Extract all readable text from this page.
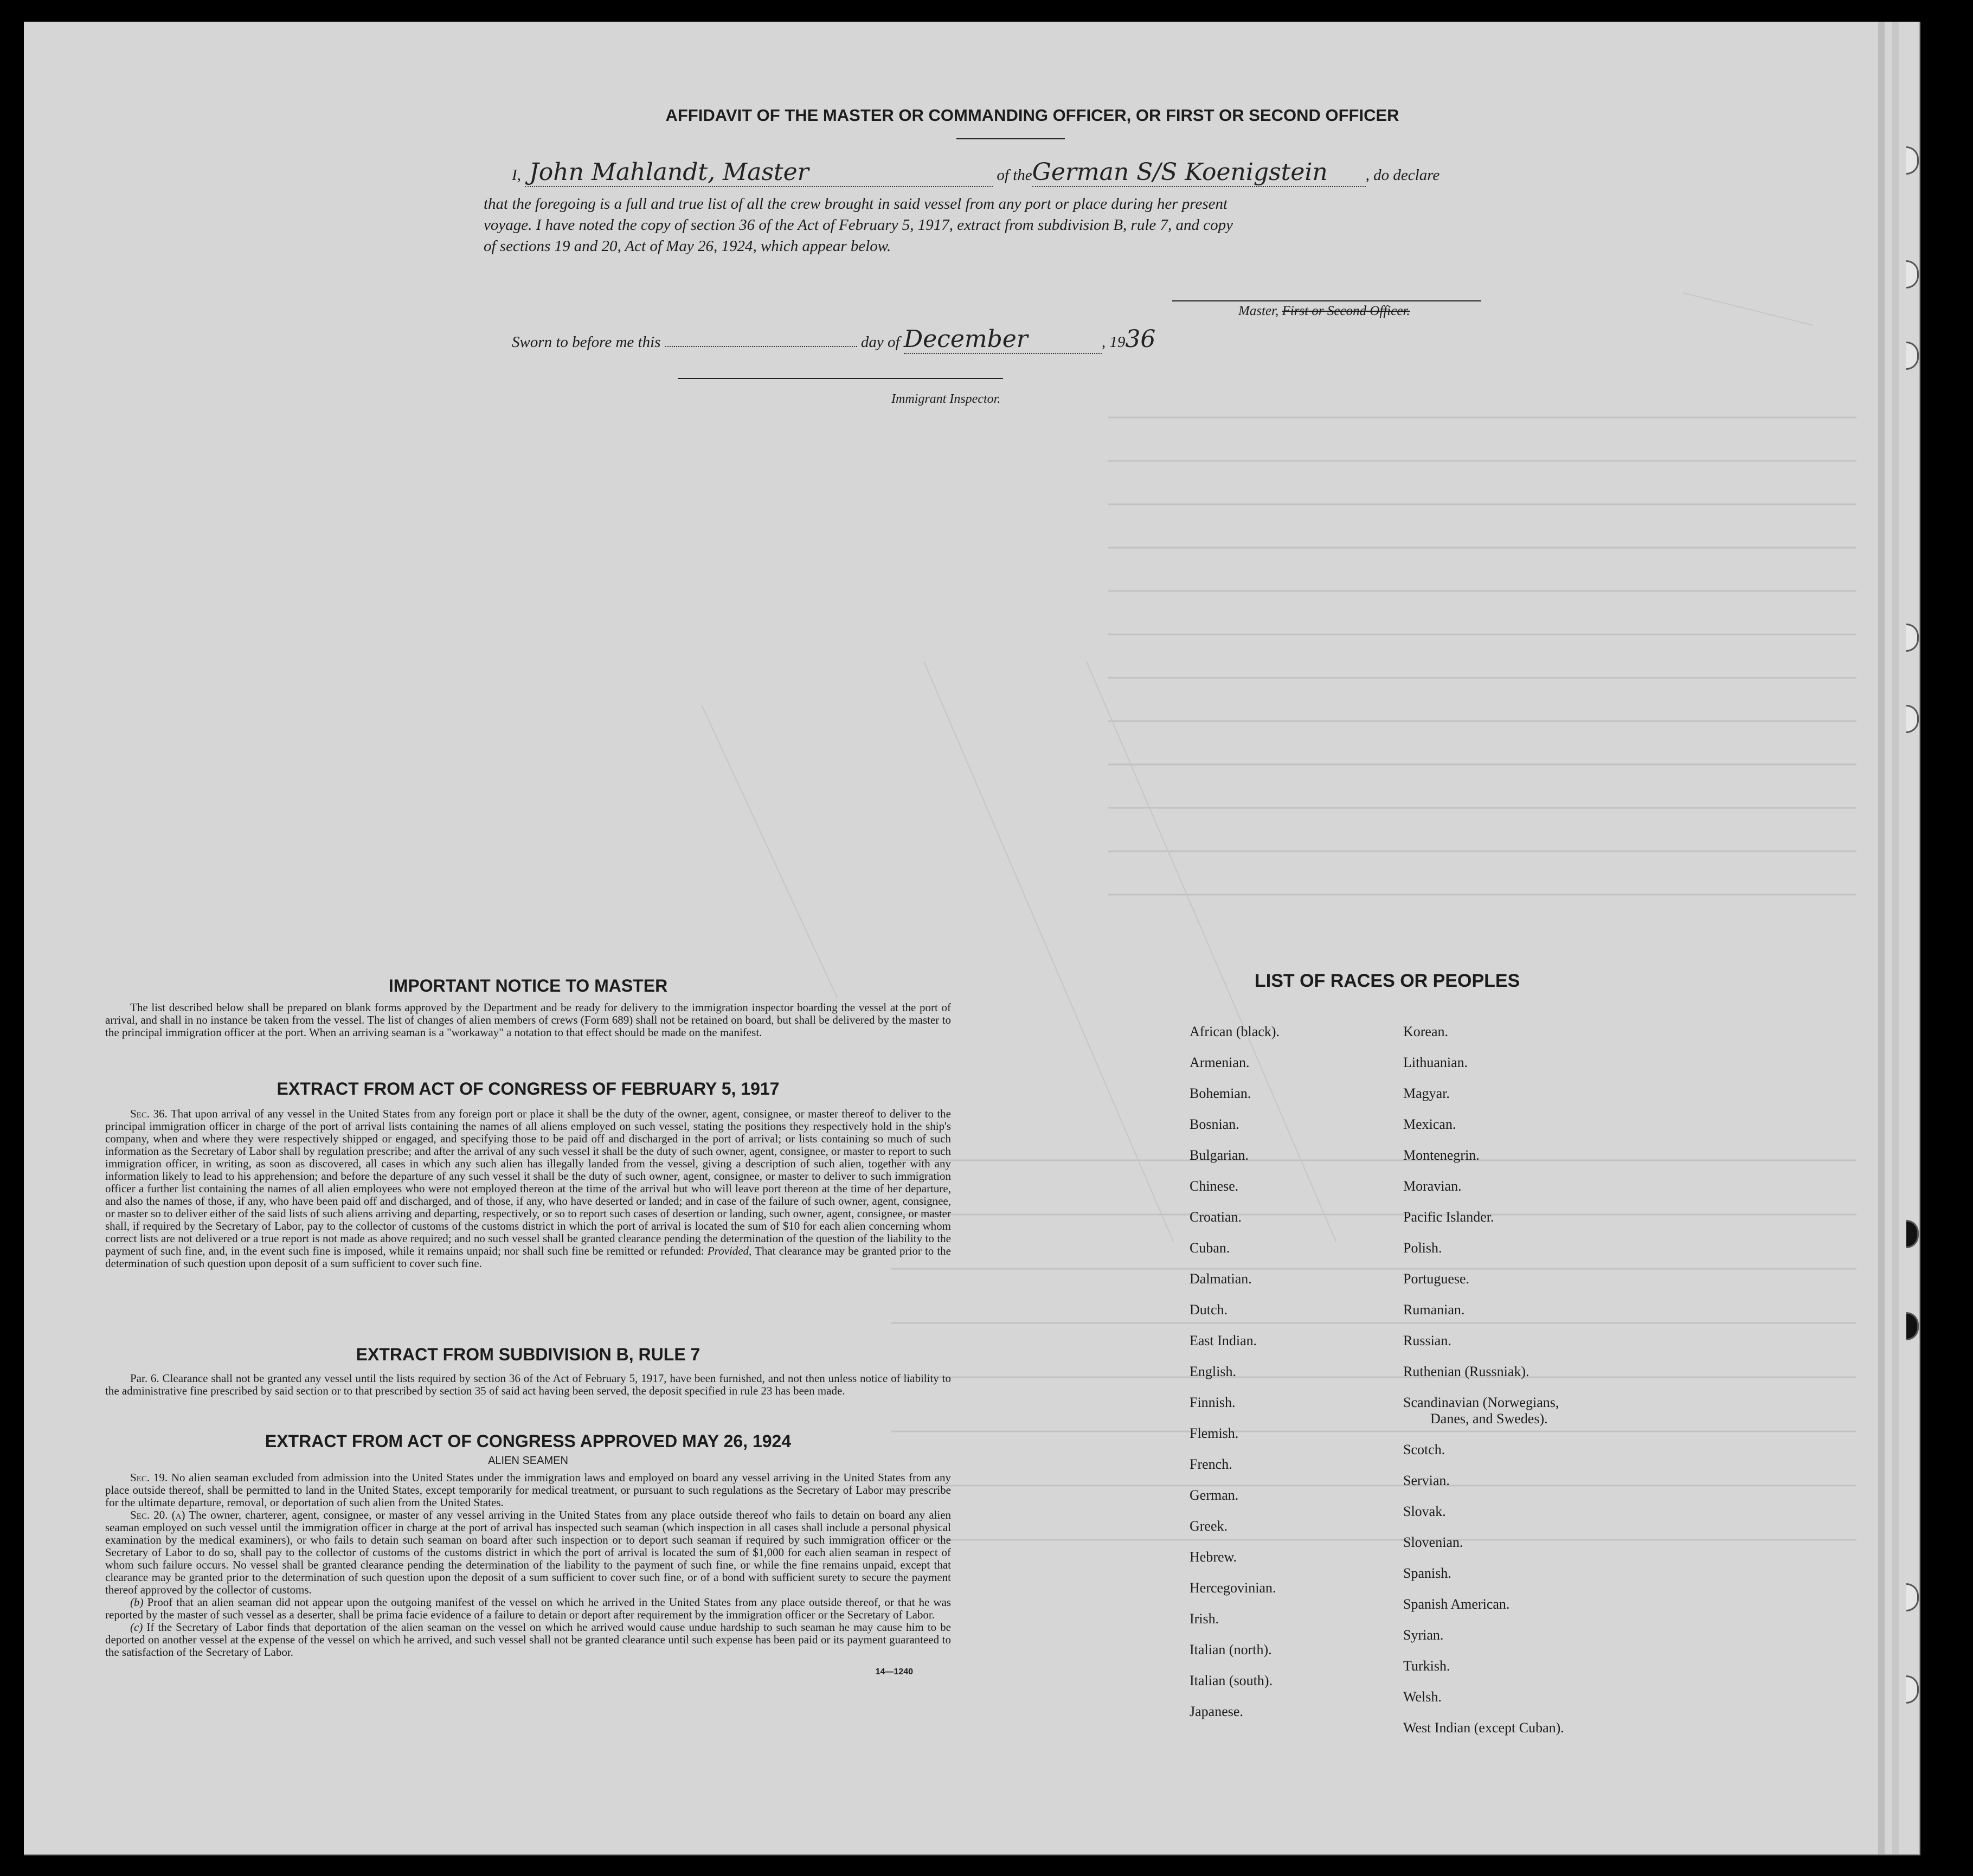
AFFIDAVIT OF THE MASTER OR COMMANDING OFFICER, OR FIRST OR SECOND OFFICER
I, John Mahlandt, Master	of theGerman S/S Koenigstein , do declare
that the foregoing is a full and true list of all the crew brought in said vessel from any port or place during her present
voyage. I have noted the copy of section 36 of the Act of February 5, 1917, extract from subdivision B, rule 7, and copy
of sections 19 and 20, Act of May 26, 1924, which appear below.
Master, First or Second Officer.
Sworn to before me this	day of December	, 1936
Immigrant Inspector.
IMPORTANT NOTICE TO MASTER

The list described below shall be prepared on blank forms approved by the Department and be ready for delivery to the immigration inspector boarding the vessel at the port of arrival, and shall in no instance be taken from the vessel. The list of changes of alien members of crews (Form 689) shall not be retained on board, but shall be delivered by the master to the principal immigration officer at the port. When an arriving seaman is a "workaway" a notation to that effect should be made on the manifest.

EXTRACT FROM ACT OF CONGRESS OF FEBRUARY 5, 1917

Sec. 36. That upon arrival of any vessel in the United States from any foreign port or place it shall be the duty of the owner, agent, consignee, or master thereof to deliver to the principal immigration officer in charge of the port of arrival lists containing the names of all aliens employed on such vessel, stating the positions they respectively hold in the ship's company, when and where they were respectively shipped or engaged, and specifying those to be paid off and discharged in the port of arrival; or lists containing so much of such information as the Secretary of Labor shall by regulation prescribe; and after the arrival of any such vessel it shall be the duty of such owner, agent, consignee, or master to report to such immigration officer, in writing, as soon as discovered, all cases in which any such alien has illegally landed from the vessel, giving a description of such alien, together with any information likely to lead to his apprehension; and before the departure of any such vessel it shall be the duty of such owner, agent, consignee, or master to deliver to such immigration officer a further list containing the names of all alien employees who were not employed thereon at the time of the arrival but who will leave port thereon at the time of her departure, and also the names of those, if any, who have been paid off and discharged, and of those, if any, who have deserted or landed; and in case of the failure of such owner, agent, consignee, or master so to deliver either of the said lists of such aliens arriving and departing, respectively, or so to report such cases of desertion or landing, such owner, agent, consignee, or master shall, if required by the Secretary of Labor, pay to the collector of customs of the customs district in which the port of arrival is located the sum of $10 for each alien concerning whom correct lists are not delivered or a true report is not made as above required; and no such vessel shall be granted clearance pending the determination of the question of the liability to the payment of such fine, and, in the event such fine is imposed, while it remains unpaid; nor shall such fine be remitted or refunded: Provided, That clearance may be granted prior to the determination of such question upon deposit of a sum sufficient to cover such fine.

EXTRACT FROM SUBDIVISION B, RULE 7

Par. 6. Clearance shall not be granted any vessel until the lists required by section 36 of the Act of February 5, 1917, have been furnished, and not then unless notice of liability to the administrative fine prescribed by said section or to that prescribed by section 35 of said act having been served, the deposit specified in rule 23 has been made.

EXTRACT FROM ACT OF CONGRESS APPROVED MAY 26, 1924
ALIEN SEAMEN

Sec. 19. No alien seaman excluded from admission into the United States under the immigration laws and employed on board any vessel arriving in the United States from any place outside thereof, shall be permitted to land in the United States, except temporarily for medical treatment, or pursuant to such regulations as the Secretary of Labor may prescribe for the ultimate departure, removal, or deportation of such alien from the United States.

Sec. 20. (a) The owner, charterer, agent, consignee, or master of any vessel arriving in the United States from any place outside thereof who fails to detain on board any alien seaman employed on such vessel until the immigration officer in charge at the port of arrival has inspected such seaman (which inspection in all cases shall include a personal physical examination by the medical examiners), or who fails to detain such seaman on board after such inspection or to deport such seaman if required by such immigration officer or the Secretary of Labor to do so, shall pay to the collector of customs of the customs district in which the port of arrival is located the sum of $1,000 for each alien seaman in respect of whom such failure occurs. No vessel shall be granted clearance pending the determination of the liability to the payment of such fine, or while the fine remains unpaid, except that clearance may be granted prior to the determination of such question upon the deposit of a sum sufficient to cover such fine, or of a bond with sufficient surety to secure the payment thereof approved by the collector of customs.

(b) Proof that an alien seaman did not appear upon the outgoing manifest of the vessel on which he arrived in the United States from any place outside thereof, or that he was reported by the master of such vessel as a deserter, shall be prima facie evidence of a failure to detain or deport after requirement by the immigration officer or the Secretary of Labor.

(c) If the Secretary of Labor finds that deportation of the alien seaman on the vessel on which he arrived would cause undue hardship to such seaman he may cause him to be deported on another vessel at the expense of the vessel on which he arrived, and such vessel shall not be granted clearance until such expense has been paid or its payment guaranteed to the satisfaction of the Secretary of Labor.

14—1240
LIST OF RACES OR PEOPLES
African (black).
Armenian.
Bohemian.
Bosnian.
Bulgarian.
Chinese.
Croatian.
Cuban.
Dalmatian.
Dutch.
East Indian.
English.
Finnish.
Flemish.
French.
German.
Greek.
Hebrew.
Hercegovinian.
Irish.
Italian (north).
Italian (south).
Japanese.
Korean.
Lithuanian.
Magyar.
Mexican.
Montenegrin.
Moravian.
Pacific Islander.
Polish.
Portuguese.
Rumanian.
Russian.
Ruthenian (Russniak).
Scandinavian (Norwegians,
Danes, and Swedes).
Scotch.
Servian.
Slovak.
Slovenian.
Spanish.
Spanish American.
Syrian.
Turkish.
Welsh.
West Indian (except Cuban).
